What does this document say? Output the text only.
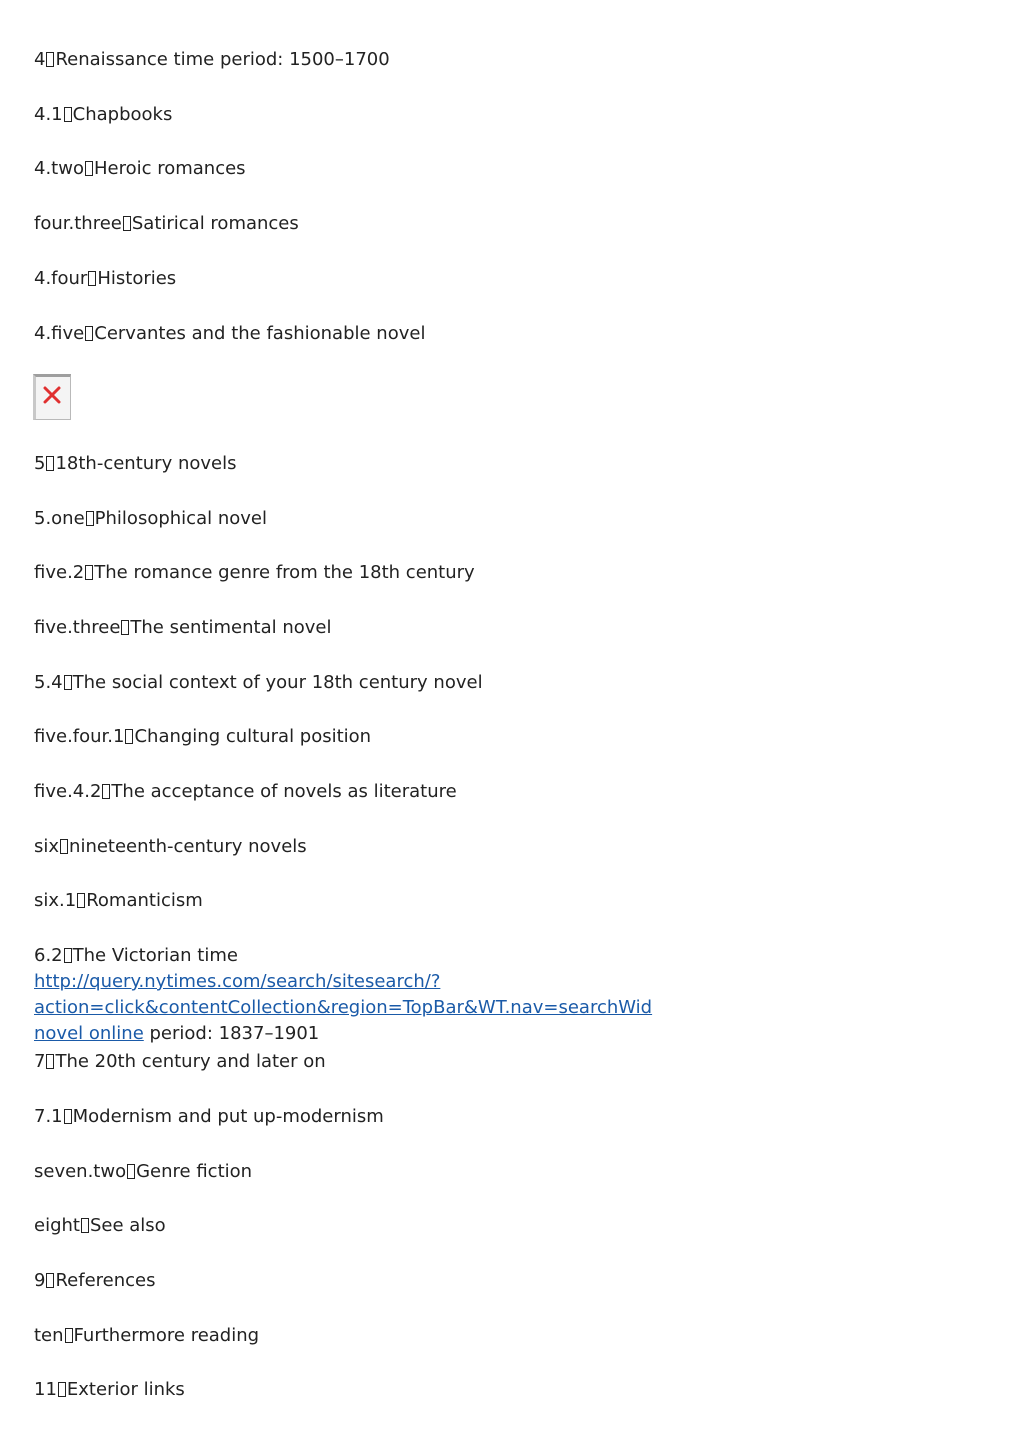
4 Renaissance time period: 1500–1700
4.1 Chapbooks
4.two Heroic romances
four.three Satirical romances
4.four Histories
4.five Cervantes and the fashionable novel
5 18th-century novels
5.one Philosophical novel
five.2 The romance genre from the 18th century
five.three The sentimental novel
5.4 The social context of your 18th century novel
five.four.1 Changing cultural position
five.4.2 The acceptance of novels as literature
six nineteenth-century novels
six.1 Romanticism
6.2 The Victorian time
http://query.nytimes.com/search/sitesearch/?action=click&contentCollection&region=TopBar&WT.nav=searchWid
novel online period: 1837–1901
7 The 20th century and later on
7.1 Modernism and put up-modernism
seven.two Genre fiction
eight See also
9 References
ten Furthermore reading
11 Exterior links
